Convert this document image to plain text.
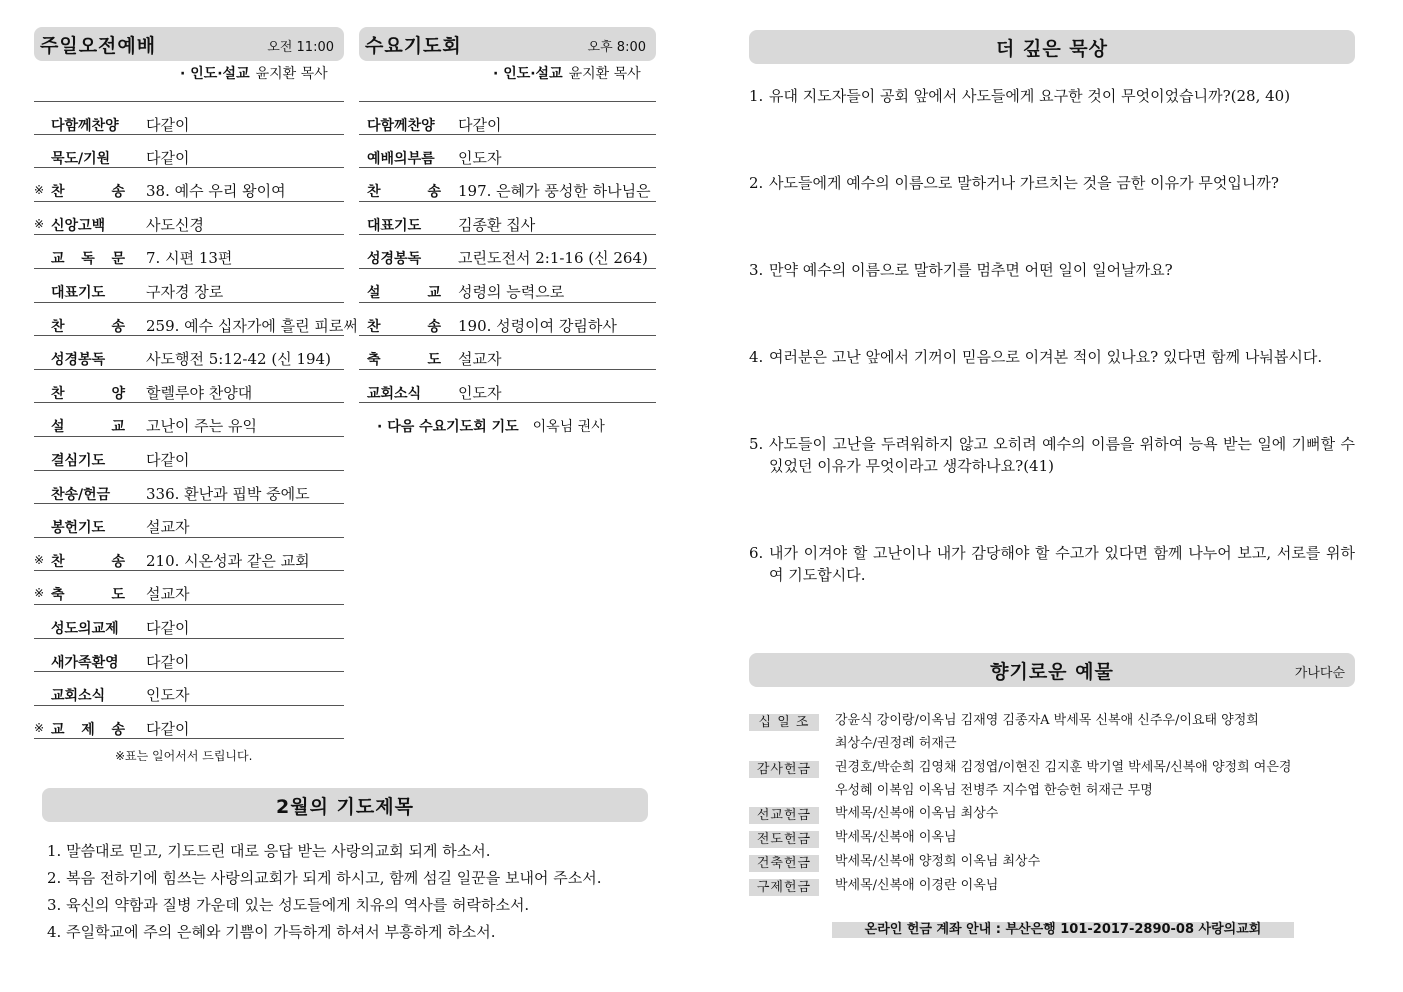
주일오전예배	오전 11:00
· 인도·설교 윤지환 목사
다함께찬양	다같이
묵도/기원	다같이
※ 찬 송 38. 예수 우리 왕이여
※ 신앙고백	사도신경
교 독 문 7. 시편 13편
대표기도	구자경 장로
찬 송 259. 예수 십자가에 흘린 피로써
성경봉독	사도행전 5:12-42 (신 194)
찬 양 할렐루야 찬양대
설 교 고난이 주는 유익
결심기도	다같이
찬송/헌금	336. 환난과 핍박 중에도
봉헌기도	설교자
※ 찬 송 210. 시온성과 같은 교회
※ 축 도 설교자
성도의교제	다같이
새가족환영	다같이
교회소식	인도자
※ 교 제 송 다같이
※표는 일어서서 드립니다.
수요기도회	오후 8:00
· 인도·설교 윤지환 목사
다함께찬양	다같이
예배의부름	인도자
찬 송 197. 은혜가 풍성한 하나님은
대표기도	김종환 집사
성경봉독	고린도전서 2:1-16 (신 264)
설 교 성령의 능력으로
찬 송 190. 성령이여 강림하사
축 도 설교자
교회소식	인도자
· 다음 수요기도회 기도 이옥님 권사
2월의 기도제목
1. 말씀대로 믿고, 기도드린 대로 응답 받는 사랑의교회 되게 하소서.
2. 복음 전하기에 힘쓰는 사랑의교회가 되게 하시고, 함께 섬길 일꾼을 보내어 주소서.
3. 육신의 약함과 질병 가운데 있는 성도들에게 치유의 역사를 허락하소서.
4. 주일학교에 주의 은혜와 기쁨이 가득하게 하셔서 부흥하게 하소서.
더 깊은 묵상
1. 유대 지도자들이 공회 앞에서 사도들에게 요구한 것이 무엇이었습니까?(28, 40)
2. 사도들에게 예수의 이름으로 말하거나 가르치는 것을 금한 이유가 무엇입니까?
3. 만약 예수의 이름으로 말하기를 멈추면 어떤 일이 일어날까요?
4. 여러분은 고난 앞에서 기꺼이 믿음으로 이겨본 적이 있나요? 있다면 함께 나눠봅시다.
5. 사도들이 고난을 두려워하지 않고 오히려 예수의 이름을 위하여 능욕 받는 일에 기뻐할 수 있었던 이유가 무엇이라고 생각하나요?(41)
6. 내가 이겨야 할 고난이나 내가 감당해야 할 수고가 있다면 함께 나누어 보고, 서로를 위하여 기도합시다.
향기로운 예물	가나다순
십 일 조	강윤식 강이랑/이옥님 김재영 김종자A 박세목 신복애 신주우/이요태 양정희
최상수/권정례 허재근
감사헌금	권경호/박순희 김영채 김정엽/이현진 김지훈 박기열 박세목/신복애 양정희 여은경
우성혜 이복임 이옥님 전병주 지수엽 한승헌 허재근 무명
선교헌금	박세목/신복애 이옥님 최상수
전도헌금	박세목/신복애 이옥님
건축헌금	박세목/신복애 양정희 이옥님 최상수
구제헌금	박세목/신복애 이경란 이옥님
온라인 헌금 계좌 안내 : 부산은행 101-2017-2890-08 사랑의교회
